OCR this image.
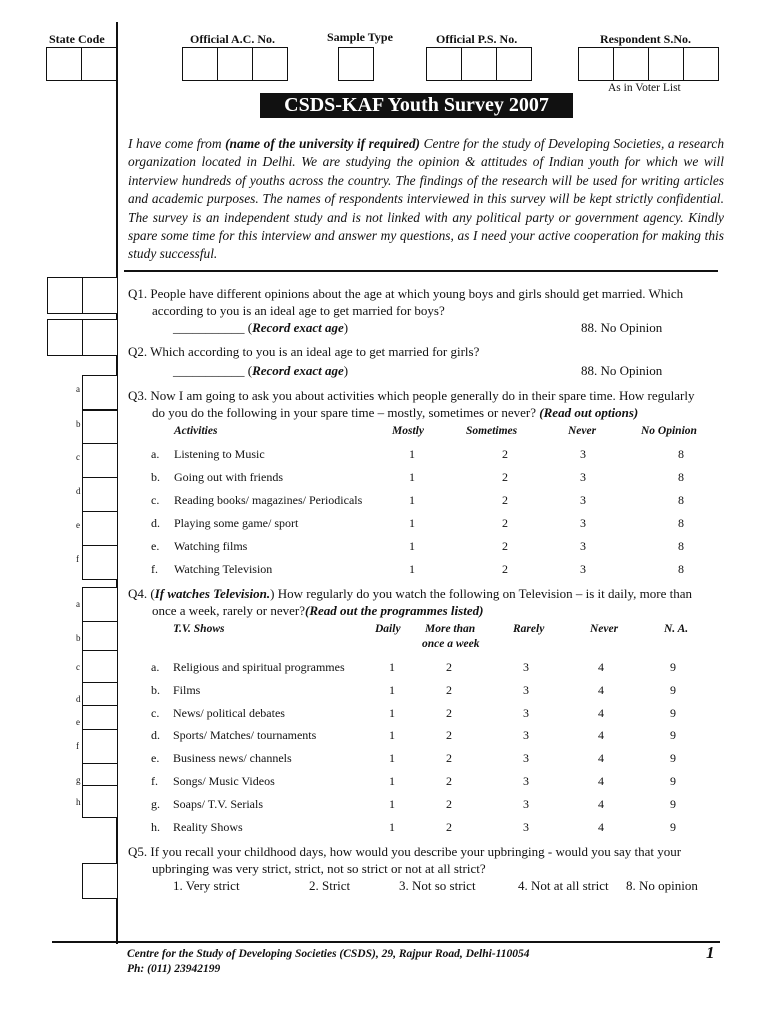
State Code	Official A.C. No.	Sample Type	Official P.S. No.	Respondent S.No.
As in Voter List
CSDS-KAF Youth Survey 2007
I have come from (name of the university if required) Centre for the study of Developing Societies, a research organization located in Delhi. We are studying the opinion & attitudes of Indian youth for which we will interview hundreds of youths across the country. The findings of the research will be used for writing articles and academic purposes. The names of respondents interviewed in this survey will be kept strictly confidential. The survey is an independent study and is not linked with any political party or government agency. Kindly spare some time for this interview and answer my questions, as I need your active cooperation for making this study successful.
Q1. People have different opinions about the age at which young boys and girls should get married. Which
according to you is an ideal age to get married for boys?
___________ (Record exact age)	88. No Opinion
Q2. Which according to you is an ideal age to get married for girls?
___________ (Record exact age)	88. No Opinion
Q3. Now I am going to ask you about activities which people generally do in their spare time. How regularly
do you do the following in your spare time – mostly, sometimes or never? (Read out options)
Activities	Mostly	Sometimes	Never	No Opinion
a. Listening to Music	1	2	3	8
b. Going out with friends	1	2	3	8
c. Reading books/ magazines/ Periodicals	1	2	3	8
d. Playing some game/ sport	1	2	3	8
e. Watching films	1	2	3	8
f. Watching Television	1	2	3	8
a
b
c
d
e
f
Q4. (If watches Television.) How regularly do you watch the following on Television – is it daily, more than
once a week, rarely or never?(Read out the programmes listed)
T.V. Shows	Daily More than
once a week
Rarely	Never	N. A.
a. Religious and spiritual programmes	1	2	3	4	9
b. Films	1	2	3	4	9
c. News/ political debates	1	2	3	4	9
d. Sports/ Matches/ tournaments	1	2	3	4	9
e. Business news/ channels	1	2	3	4	9
f. Songs/ Music Videos	1	2	3	4	9
g. Soaps/ T.V. Serials	1	2	3	4	9
h. Reality Shows	1	2	3	4	9
a
b
c
d
e
f
g
h
Q5. If you recall your childhood days, how would you describe your upbringing - would you say that your
upbringing was very strict, strict, not so strict or not at all strict?
1. Very strict	2. Strict	3. Not so strict	4. Not at all strict 8. No opinion
Centre for the Study of Developing Societies (CSDS), 29, Rajpur Road, Delhi-110054
Ph: (011) 23942199
1
